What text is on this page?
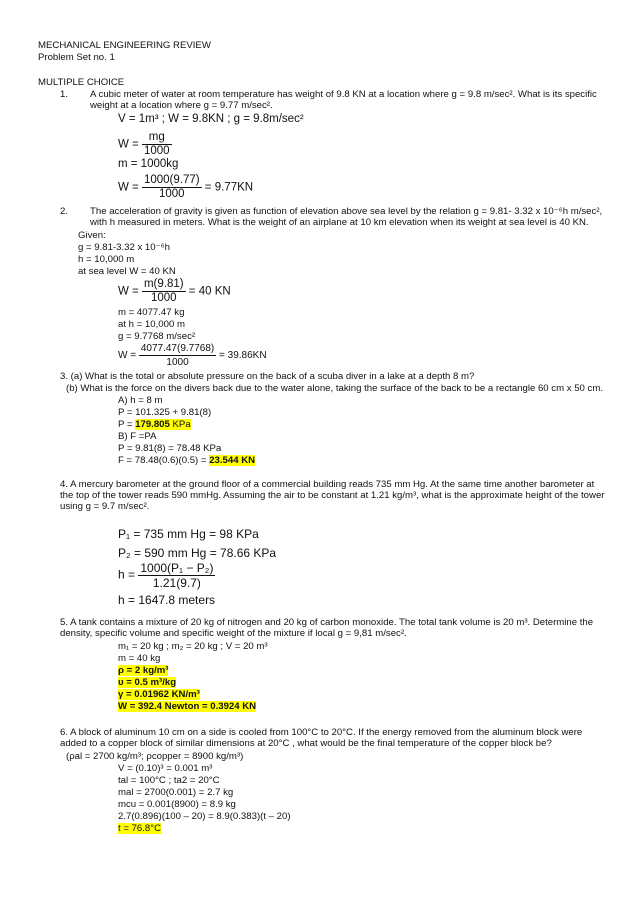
MECHANICAL ENGINEERING REVIEW
Problem Set no. 1
MULTIPLE CHOICE
1. A cubic meter of water at room temperature has weight of 9.8 KN at a location where g = 9.8 m/sec². What is its specific weight at a location where g = 9.77 m/sec².
V = 1m³ ; W = 9.8KN ; g = 9.8m/sec²
$W = \frac{mg}{1000}$
m = 1000kg
$W = \frac{1000(9.77)}{1000} = 9.77KN$
2. The acceleration of gravity is given as function of elevation above sea level by the relation g = 9.81- 3.32 x 10⁻⁶h m/sec², with h measured in meters. What is the weight of an airplane at 10 km elevation when its weight at sea level is 40 KN.
Given:
g = 9.81-3.32 x 10⁻⁶h
h = 10,000 m
at sea level W = 40 KN
$W = \frac{m(9.81)}{1000} = 40$ KN
m = 4077.47 kg
at h = 10,000 m
g = 9.7768 m/sec²
$W = \frac{4077.47(9.7768)}{1000} = 39.86KN$
3. (a) What is the total or absolute pressure on the back of a scuba diver in a lake at a depth 8 m?
(b) What is the force on the divers back due to the water alone, taking the surface of the back to be a rectangle 60 cm x 50 cm.
A) h = 8 m
P = 101.325 + 9.81(8)
P = 179.805 KPa
B) F =PA
P = 9.81(8) = 78.48 KPa
F = 78.48(0.6)(0.5) = 23.544 KN
4. A mercury barometer at the ground floor of a commercial building reads 735 mm Hg. At the same time another barometer at the top of the tower reads 590 mmHg. Assuming the air to be constant at 1.21 kg/m³, what is the approximate height of the tower using g = 9.7 m/sec².
P₁ = 735 mm Hg = 98 KPa
P₂ = 590 mm Hg = 78.66 KPa
$h = \frac{\text{1000(P₁ − P₂)}}{1.21(9.7)}$
h = 1647.8 meters
5. A tank contains a mixture of 20 kg of nitrogen and 20 kg of carbon monoxide. The total tank volume is 20 m³. Determine the density, specific volume and specific weight of the mixture if local g = 9,81 m/sec².
m₁ = 20 kg ; m₂ = 20 kg ; V = 20 m³
m = 40 kg
ρ = 2 kg/m³
υ = 0.5 m³/kg
γ = 0.01962 KN/m³
W = 392.4 Newton = 0.3924 KN
6. A block of aluminum 10 cm on a side is cooled from 100°C to 20°C. If the energy removed from the aluminum block were added to a copper block of similar dimensions at 20°C , what would be the final temperature of the copper block be?
(ρal = 2700 kg/m³; ρcopper = 8900 kg/m³)
V = (0.10)³ = 0.001 m³
tal = 100°C ; ta2 = 20°C
mal = 2700(0.001) = 2.7 kg
mcu = 0.001(8900) = 8.9 kg
2.7(0.896)(100 – 20) = 8.9(0.383)(t – 20)
t = 76.8°C
